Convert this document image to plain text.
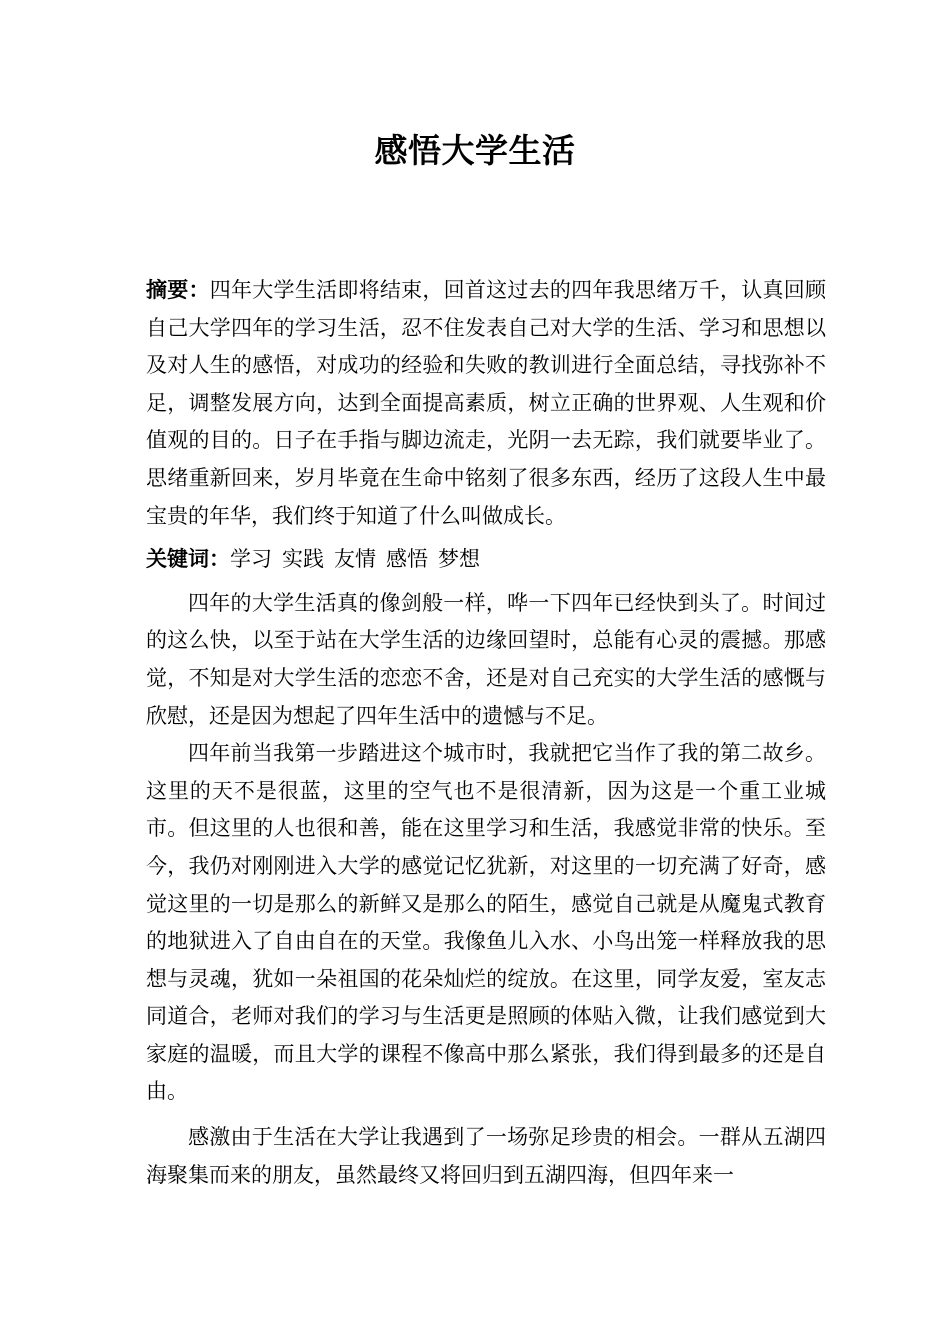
感悟大学生活

摘要：四年大学生活即将结束，回首这过去的四年我思绪万千，认真回顾自己大学四年的学习生活，忍不住发表自己对大学的生活、学习和思想以及对人生的感悟，对成功的经验和失败的教训进行全面总结，寻找弥补不足，调整发展方向，达到全面提高素质，树立正确的世界观、人生观和价值观的目的。日子在手指与脚边流走，光阴一去无踪，我们就要毕业了。思绪重新回来，岁月毕竟在生命中铭刻了很多东西，经历了这段人生中最宝贵的年华，我们终于知道了什么叫做成长。

关键词：学习 实践 友情 感悟 梦想

四年的大学生活真的像剑般一样，哗一下四年已经快到头了。时间过的这么快，以至于站在大学生活的边缘回望时，总能有心灵的震撼。那感觉，不知是对大学生活的恋恋不舍，还是对自己充实的大学生活的感慨与欣慰，还是因为想起了四年生活中的遗憾与不足。

四年前当我第一步踏进这个城市时，我就把它当作了我的第二故乡。这里的天不是很蓝，这里的空气也不是很清新，因为这是一个重工业城市。但这里的人也很和善，能在这里学习和生活，我感觉非常的快乐。至今，我仍对刚刚进入大学的感觉记忆犹新，对这里的一切充满了好奇，感觉这里的一切是那么的新鲜又是那么的陌生，感觉自己就是从魔鬼式教育的地狱进入了自由自在的天堂。我像鱼儿入水、小鸟出笼一样释放我的思想与灵魂，犹如一朵祖国的花朵灿烂的绽放。在这里，同学友爱，室友志同道合，老师对我们的学习与生活更是照顾的体贴入微，让我们感觉到大家庭的温暖，而且大学的课程不像高中那么紧张，我们得到最多的还是自由。

感激由于生活在大学让我遇到了一场弥足珍贵的相会。一群从五湖四海聚集而来的朋友，虽然最终又将回归到五湖四海，但四年来一
